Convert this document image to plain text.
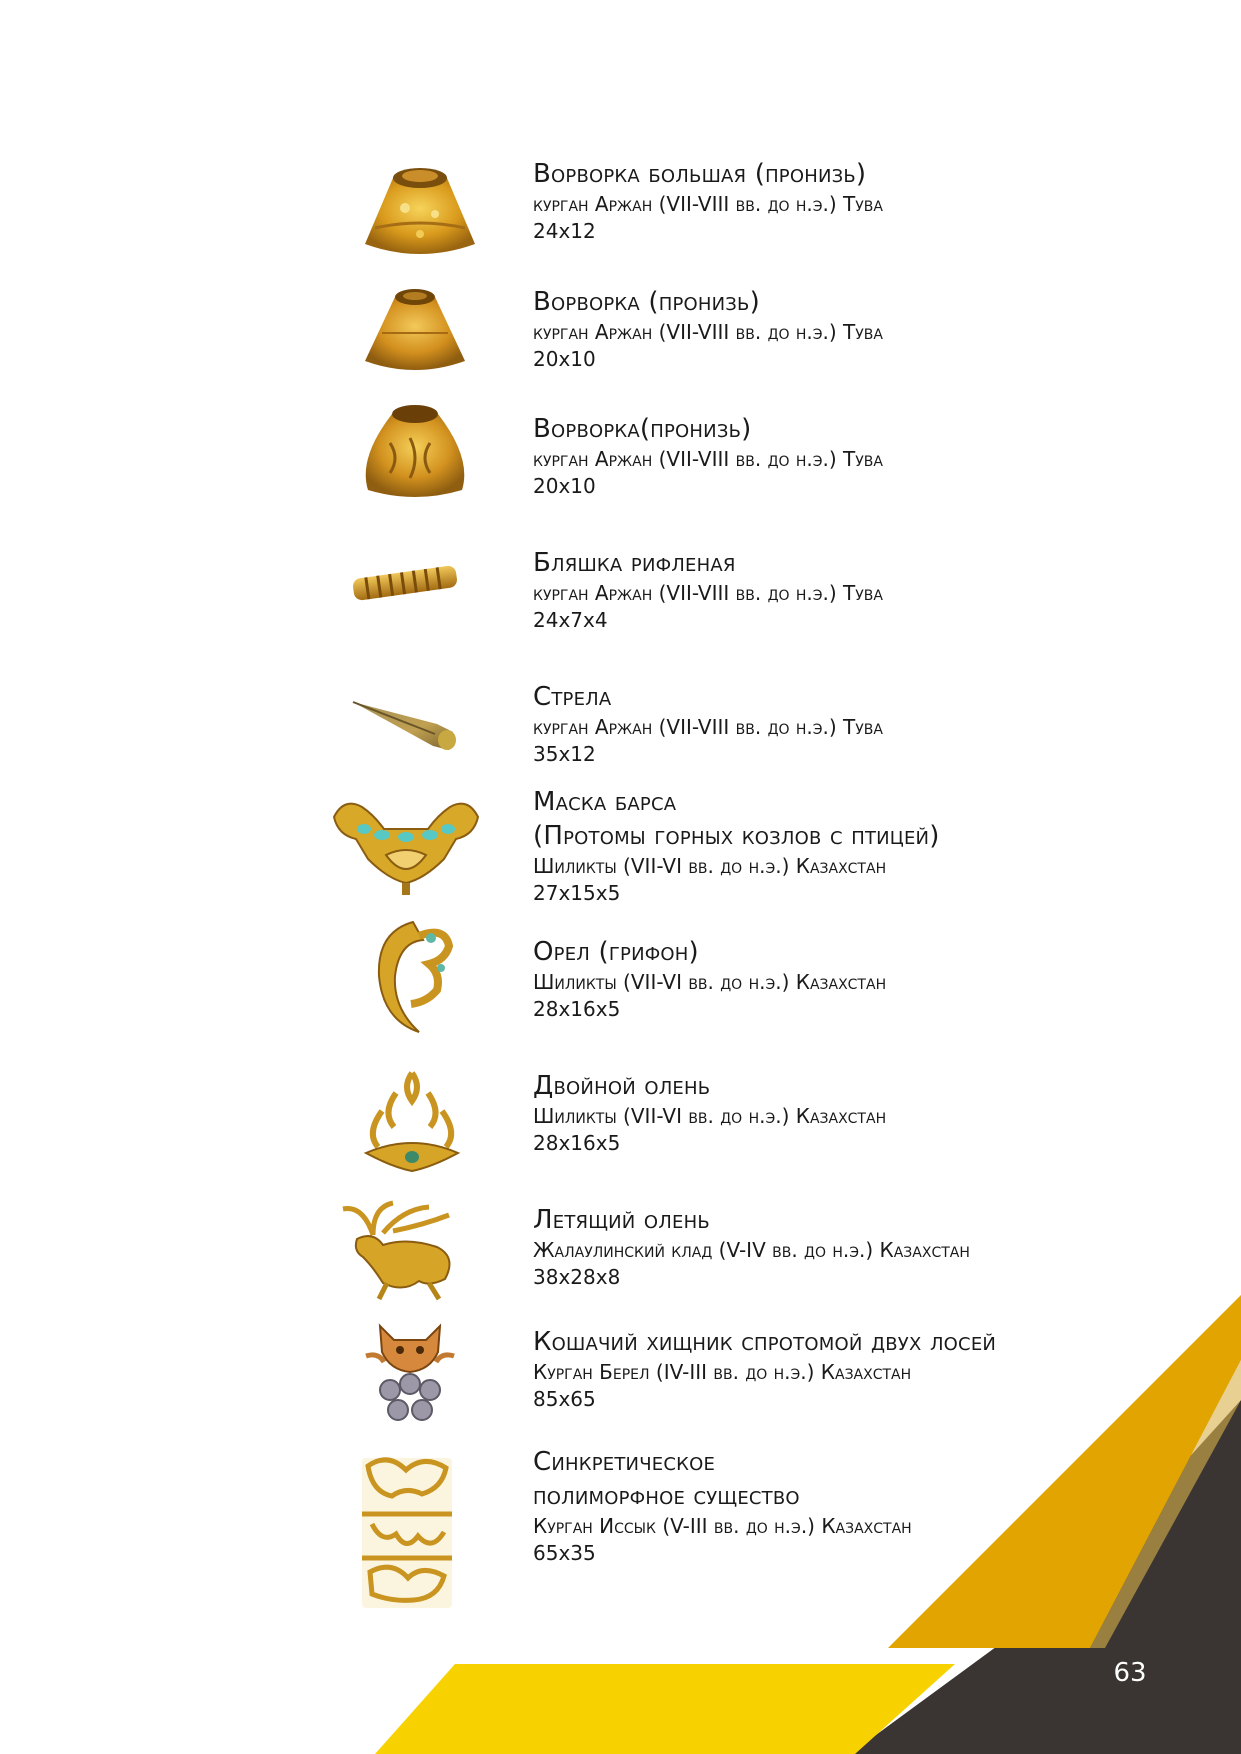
Ворворка большая (пронизь)

курган Аржан (VII-VIII вв. до н.э.) Тува

24х12

Ворворка (пронизь)

курган Аржан (VII-VIII вв. до н.э.) Тува

20х10

Ворворка(пронизь)

курган Аржан (VII-VIII вв. до н.э.) Тува

20х10

Бляшка рифленая

курган Аржан (VII-VIII вв. до н.э.) Тува

24х7х4

Стрела

курган Аржан (VII-VIII вв. до н.э.) Тува

35х12

Маска барса

(Протомы горных козлов с птицей)

Шиликты (VII-VI вв. до н.э.) Казахстан

27х15х5

Орел (грифон)

Шиликты (VII-VI вв. до н.э.) Казахстан

28х16х5

Двойной олень

Шиликты (VII-VI вв. до н.э.) Казахстан

28х16х5

Летящий олень

Жалаулинский клад (V-IV вв. до н.э.) Казахстан

38х28х8

Кошачий хищник спротомой двух лосей

Курган Берел (IV-III вв. до н.э.) Казахстан

85х65

Синкретическое

полиморфное существо

Курган Иссык (V-III вв. до н.э.) Казахстан

65х35

63
